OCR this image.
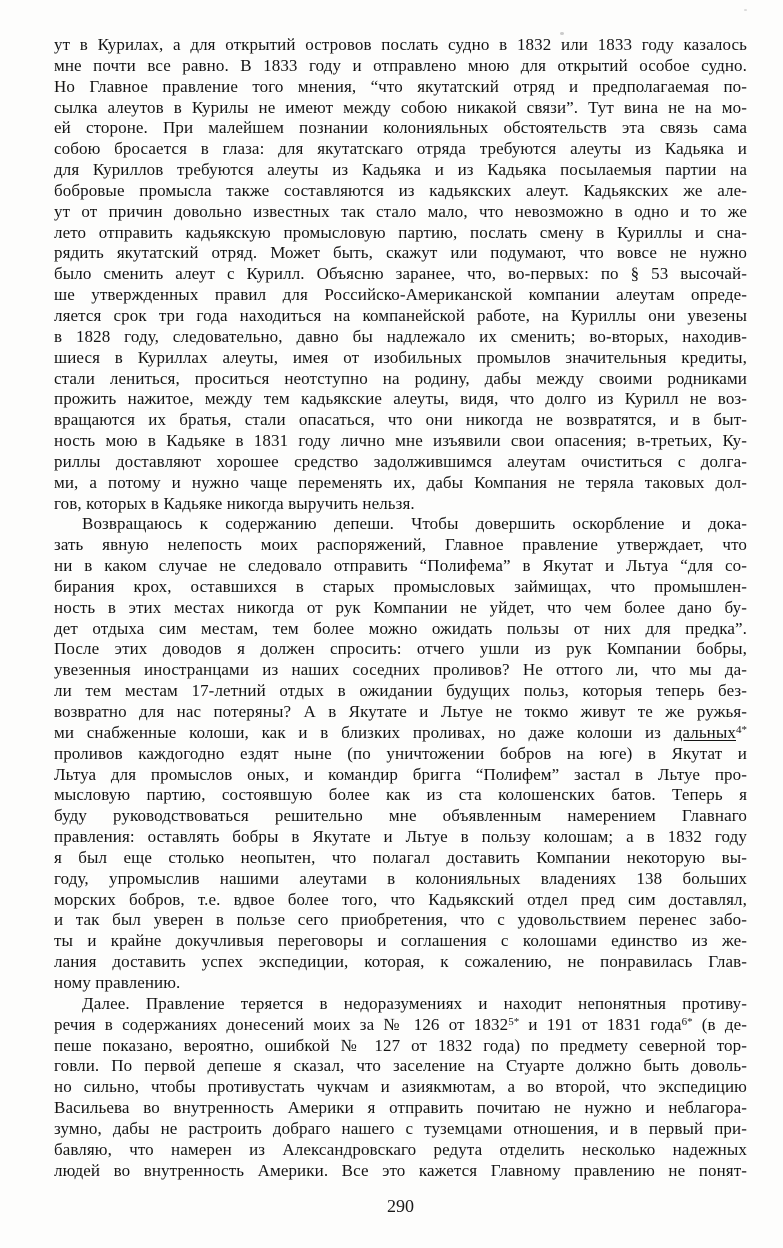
ут в Курилах, а для открытий островов послать судно в 1832 или 1833 году казалось
мне почти все равно. В 1833 году и отправлено мною для открытий особое судно.
Но Главное правление того мнения, “что якутатский отряд и предполагаемая по-
сылка алеутов в Курилы не имеют между собою никакой связи”. Тут вина не на мо-
ей стороне. При малейшем познании колонияльных обстоятельств эта связь сама
собою бросается в глаза: для якутатскаго отряда требуются алеуты из Кадьяка и
для Куриллов требуются алеуты из Кадьяка и из Кадьяка посылаемыя партии на
бобровые промысла также составляются из кадьякских алеут. Кадьякских же але-
ут от причин довольно известных так стало мало, что невозможно в одно и то же
лето отправить кадьякскую промысловую партию, послать смену в Куриллы и сна-
рядить якутатский отряд. Может быть, скажут или подумают, что вовсе не нужно
было сменить алеут с Курилл. Объясню заранее, что, во-первых: по § 53 высочай-
ше утвержденных правил для Российско-Американской компании алеутам опреде-
ляется срок три года находиться на компанейской работе, на Куриллы они увезены
в 1828 году, следовательно, давно бы надлежало их сменить; во-вторых, находив-
шиеся в Куриллах алеуты, имея от изобильных промылов значительныя кредиты,
стали лениться, проситься неотступно на родину, дабы между своими родниками
прожить нажитое, между тем кадьякские алеуты, видя, что долго из Курилл не воз-
вращаются их братья, стали опасаться, что они никогда не возвратятся, и в быт-
ность мою в Кадьяке в 1831 году лично мне изъявили свои опасения; в-третьих, Ку-
риллы доставляют хорошее средство задолжившимся алеутам очиститься с долга-
ми, а потому и нужно чаще переменять их, дабы Компания не теряла таковых дол-
гов, которых в Кадьяке никогда выручить нельзя.
Возвращаюсь к содержанию депеши. Чтобы довершить оскорбление и дока-
зать явную нелепость моих распоряжений, Главное правление утверждает, что
ни в каком случае не следовало отправить “Полифема” в Якутат и Льтуа “для со-
бирания крох, оставшихся в старых промысловых займищах, что промышлен-
ность в этих местах никогда от рук Компании не уйдет, что чем более дано бу-
дет отдыха сим местам, тем более можно ожидать пользы от них для предка”.
После этих доводов я должен спросить: отчего ушли из рук Компании бобры,
увезенныя иностранцами из наших соседних проливов? Не оттого ли, что мы да-
ли тем местам 17-летний отдых в ожидании будущих польз, которыя теперь без-
возвратно для нас потеряны? А в Якутате и Льтуе не токмо живут те же ружья-
ми снабженные колоши, как и в близких проливах, но даже колоши из дальных$^{4*}$
проливов каждогодно ездят ныне (по уничтожении бобров на юге) в Якутат и
Льтуа для промыслов оных, и командир бригга “Полифем” застал в Льтуе про-
мысловую партию, состоявшую более как из ста колошенских батов. Теперь я
буду руководствоваться решительно мне объявленным намерением Главнаго
правления: оставлять бобры в Якутате и Льтуе в пользу колошам; а в 1832 году
я был еще столько неопытен, что полагал доставить Компании некоторую вы-
году, упромыслив нашими алеутами в колонияльных владениях 138 больших
морских бобров, т.е. вдвое более того, что Кадьякский отдел пред сим доставлял,
и так был уверен в пользе сего приобретения, что с удовольствием перенес забо-
ты и крайне докучливыя переговоры и соглашения с колошами единство из же-
лания доставить успех экспедиции, которая, к сожалению, не понравилась Глав-
ному правлению.
Далее. Правление теряется в недоразумениях и находит непонятныя противу-
речия в содержаниях донесений моих за № 126 от $1832^{5*}$ и 191 от 1831 года$^{6*}$ (в де-
пеше показано, вероятно, ошибкой № 127 от 1832 года) по предмету северной тор-
говли. По первой депеше я сказал, что заселение на Стуарте должно быть доволь-
но сильно, чтобы противустать чукчам и азиякмютам, а во второй, что экспедицию
Васильева во внутренность Америки я отправить почитаю не нужно и неблагора-
зумно, дабы не растроить добраго нашего с туземцами отношения, и в первый при-
бавляю, что намерен из Александровскаго редута отделить несколько надежных
людей во внутренность Америки. Все это кажется Главному правлению не понят-
290
